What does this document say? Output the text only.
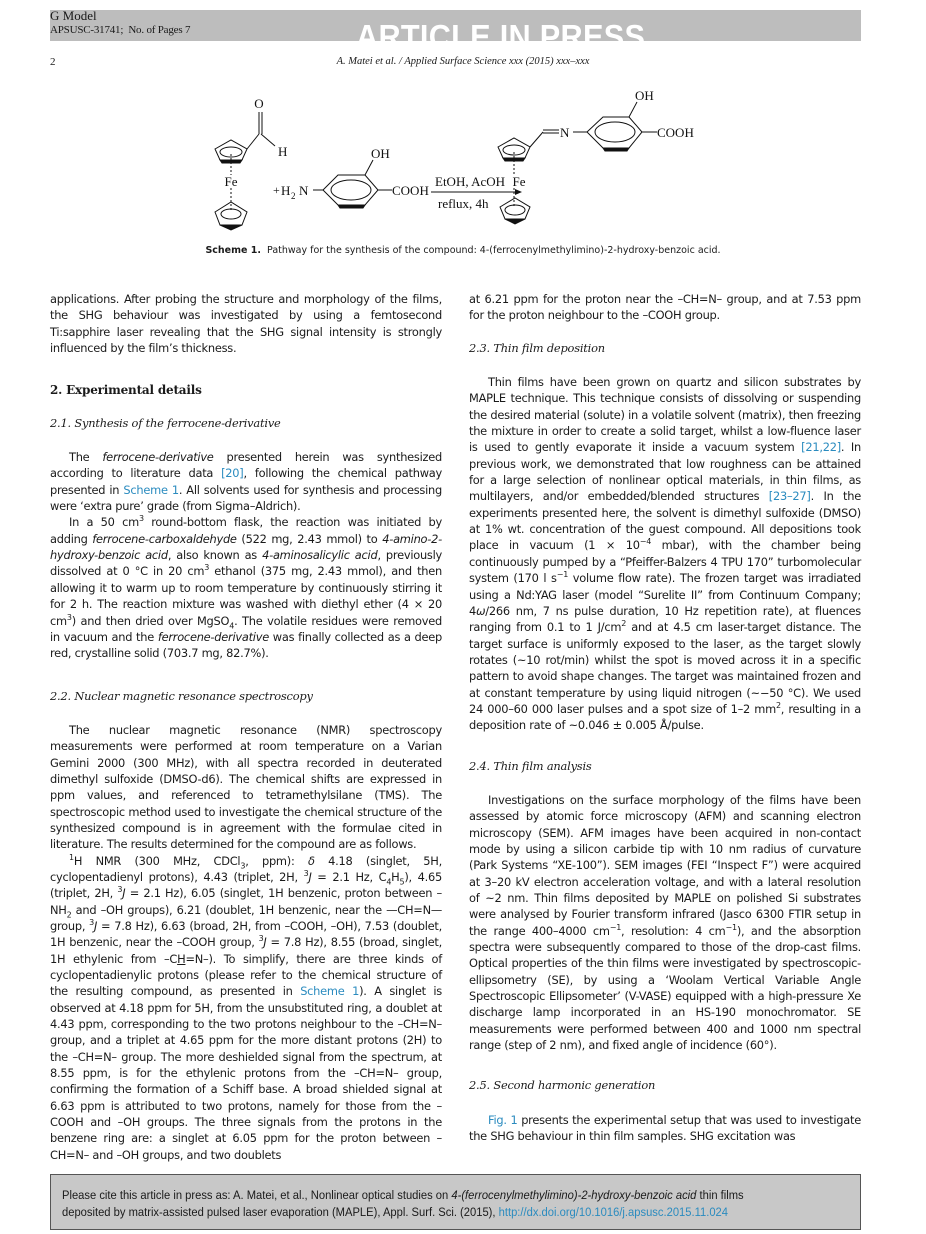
ARTICLE IN PRESS
G Model
APSUSC-31741; No. of Pages 7
2	A. Matei et al. / Applied Surface Science xxx (2015) xxx–xxx
O
H
Fe
+ H 2 N
OH
COOH
EtOH, AcOH
reflux, 4h
Fe
N
OH
COOH
Scheme 1. Pathway for the synthesis of the compound: 4-(ferrocenylmethylimino)-2-hydroxy-benzoic acid.

applications. After probing the structure and morphology of the films, the SHG behaviour was investigated by using a femtosecond Ti:sapphire laser revealing that the SHG signal intensity is strongly influenced by the film’s thickness.

2. Experimental details

2.1. Synthesis of the ferrocene-derivative

The ferrocene-derivative presented herein was synthesized according to literature data [20], following the chemical pathway presented in Scheme 1. All solvents used for synthesis and processing were ‘extra pure’ grade (from Sigma–Aldrich).

In a 50 $cm^3$ round-bottom flask, the reaction was initiated by adding ferrocene-carboxaldehyde (522 mg, 2.43 mmol) to 4-amino-2-hydroxy-benzoic acid, also known as 4-aminosalicylic acid, previously dissolved at 0 °C in 20 $cm^3$ ethanol (375 mg, 2.43 mmol), and then allowing it to warm up to room temperature by continuously stirring it for 2 h. The reaction mixture was washed with diethyl ether (4 × 20 $cm^3$) and then dried over MgSO$_4$. The volatile residues were removed in vacuum and the ferrocene-derivative was finally collected as a deep red, crystalline solid (703.7 mg, 82.7%).

2.2. Nuclear magnetic resonance spectroscopy

The nuclear magnetic resonance (NMR) spectroscopy measurements were performed at room temperature on a Varian Gemini 2000 (300 MHz), with all spectra recorded in deuterated dimethyl sulfoxide (DMSO-d6). The chemical shifts are expressed in ppm values, and referenced to tetramethylsilane (TMS). The spectroscopic method used to investigate the chemical structure of the synthesized compound is in agreement with the formulae cited in literature. The results determined for the compound are as follows.

$^1$H NMR (300 MHz, CDCl$_3$, ppm): δ 4.18 (singlet, 5H, cyclopentadienyl protons), 4.43 (triplet, 2H, $^3$J = 2.1 Hz, $C_4H_5$), 4.65 (triplet, 2H, $^3$J = 2.1 Hz), 6.05 (singlet, 1H benzenic, proton between $-NH_2$ and –OH groups), 6.21 (doublet, 1H benzenic, near the —CH=N— group, $^3$J = 7.8 Hz), 6.63 (broad, 2H, from –COOH, –OH), 7.53 (doublet, 1H benzenic, near the –COOH group, $^3$J = 7.8 Hz), 8.55 (broad, singlet, 1H ethylenic from –CH=N–). To simplify, there are three kinds of cyclopentadienylic protons (please refer to the chemical structure of the resulting compound, as presented in Scheme 1). A singlet is observed at 4.18 ppm for 5H, from the unsubstituted ring, a doublet at 4.43 ppm, corresponding to the two protons neighbour to the –CH=N– group, and a triplet at 4.65 ppm for the more distant protons (2H) to the –CH=N– group. The more deshielded signal from the spectrum, at 8.55 ppm, is for the ethylenic protons from the –CH=N– group, confirming the formation of a Schiff base. A broad shielded signal at 6.63 ppm is attributed to two protons, namely for those from the –COOH and –OH groups. The three signals from the protons in the benzene ring are: a singlet at 6.05 ppm for the proton between –CH=N– and –OH groups, and two doublets

at 6.21 ppm for the proton near the –CH=N– group, and at 7.53 ppm for the proton neighbour to the –COOH group.

2.3. Thin film deposition

Thin films have been grown on quartz and silicon substrates by MAPLE technique. This technique consists of dissolving or suspending the desired material (solute) in a volatile solvent (matrix), then freezing the mixture in order to create a solid target, whilst a low-fluence laser is used to gently evaporate it inside a vacuum system [21,22]. In previous work, we demonstrated that low roughness can be attained for a large selection of nonlinear optical materials, in thin films, as multilayers, and/or embedded/blended structures [23–27]. In the experiments presented here, the solvent is dimethyl sulfoxide (DMSO) at 1% wt. concentration of the guest compound. All depositions took place in vacuum ($1 \times 10^{-4}$ mbar), with the chamber being continuously pumped by a “Pfeiffer-Balzers 4 TPU 170” turbomolecular system (170 l $s^{-1}$ volume flow rate). The frozen target was irradiated using a Nd:YAG laser (model “Surelite II” from Continuum Company; 4ω/266 nm, 7 ns pulse duration, 10 Hz repetition rate), at fluences ranging from 0.1 to 1 $J/cm^2$ and at 4.5 cm laser-target distance. The target surface is uniformly exposed to the laser, as the target slowly rotates (~10 rot/min) whilst the spot is moved across it in a specific pattern to avoid shape changes. The target was maintained frozen and at constant temperature by using liquid nitrogen (~−50 °C). We used 24 000–60 000 laser pulses and a spot size of 1–2 $mm^2$, resulting in a deposition rate of ~0.046 ± 0.005 Å/pulse.

2.4. Thin film analysis

Investigations on the surface morphology of the films have been assessed by atomic force microscopy (AFM) and scanning electron microscopy (SEM). AFM images have been acquired in non-contact mode by using a silicon carbide tip with 10 nm radius of curvature (Park Systems “XE-100”). SEM images (FEI “Inspect F”) were acquired at 3–20 kV electron acceleration voltage, and with a lateral resolution of ~2 nm. Thin films deposited by MAPLE on polished Si substrates were analysed by Fourier transform infrared (Jasco 6300 FTIR setup in the range 400–4000 $cm^{-1}$, resolution: 4 $cm^{-1}$), and the absorption spectra were subsequently compared to those of the drop-cast films. Optical properties of the thin films were investigated by spectroscopic-ellipsometry (SE), by using a ‘Woolam Vertical Variable Angle Spectroscopic Ellipsometer’ (V-VASE) equipped with a high-pressure Xe discharge lamp incorporated in an HS-190 monochromator. SE measurements were performed between 400 and 1000 nm spectral range (step of 2 nm), and fixed angle of incidence (60°).

2.5. Second harmonic generation

Fig. 1 presents the experimental setup that was used to investigate the SHG behaviour in thin film samples. SHG excitation was

Please cite this article in press as: A. Matei, et al., Nonlinear optical studies on 4-(ferrocenylmethylimino)-2-hydroxy-benzoic acid thin films
deposited by matrix-assisted pulsed laser evaporation (MAPLE), Appl. Surf. Sci. (2015), http://dx.doi.org/10.1016/j.apsusc.2015.11.024
